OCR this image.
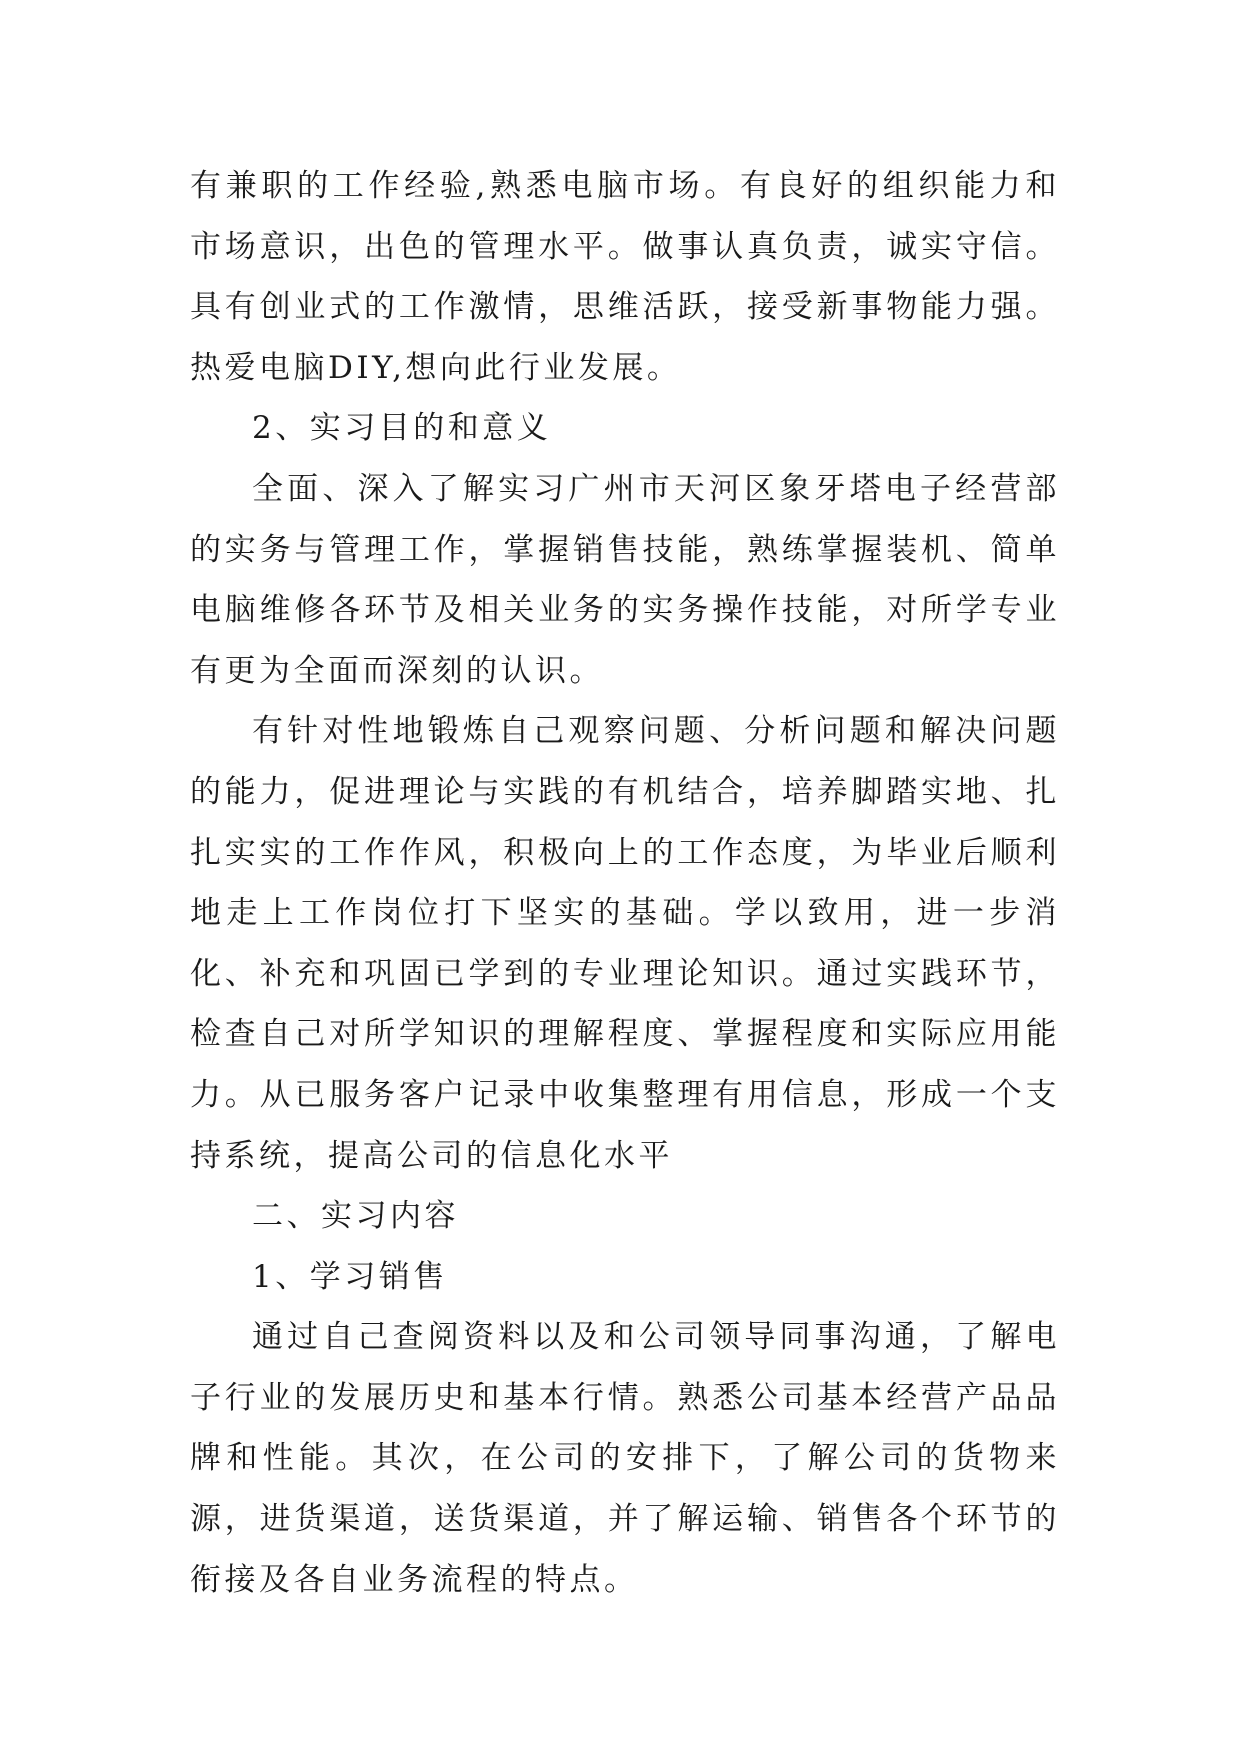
有兼职的工作经验,熟悉电脑市场。有良好的组织能力和市场意识，出色的管理水平。做事认真负责，诚实守信。具有创业式的工作激情，思维活跃，接受新事物能力强。热爱电脑DIY,想向此行业发展。

2、实习目的和意义

全面、深入了解实习广州市天河区象牙塔电子经营部的实务与管理工作，掌握销售技能，熟练掌握装机、简单电脑维修各环节及相关业务的实务操作技能，对所学专业有更为全面而深刻的认识。

有针对性地锻炼自己观察问题、分析问题和解决问题的能力，促进理论与实践的有机结合，培养脚踏实地、扎扎实实的工作作风，积极向上的工作态度，为毕业后顺利地走上工作岗位打下坚实的基础。学以致用，进一步消化、补充和巩固已学到的专业理论知识。通过实践环节，检查自己对所学知识的理解程度、掌握程度和实际应用能力。从已服务客户记录中收集整理有用信息，形成一个支持系统，提高公司的信息化水平

二、实习内容

1、学习销售

通过自己查阅资料以及和公司领导同事沟通，了解电子行业的发展历史和基本行情。熟悉公司基本经营产品品牌和性能。其次，在公司的安排下，了解公司的货物来源，进货渠道，送货渠道，并了解运输、销售各个环节的衔接及各自业务流程的特点。
